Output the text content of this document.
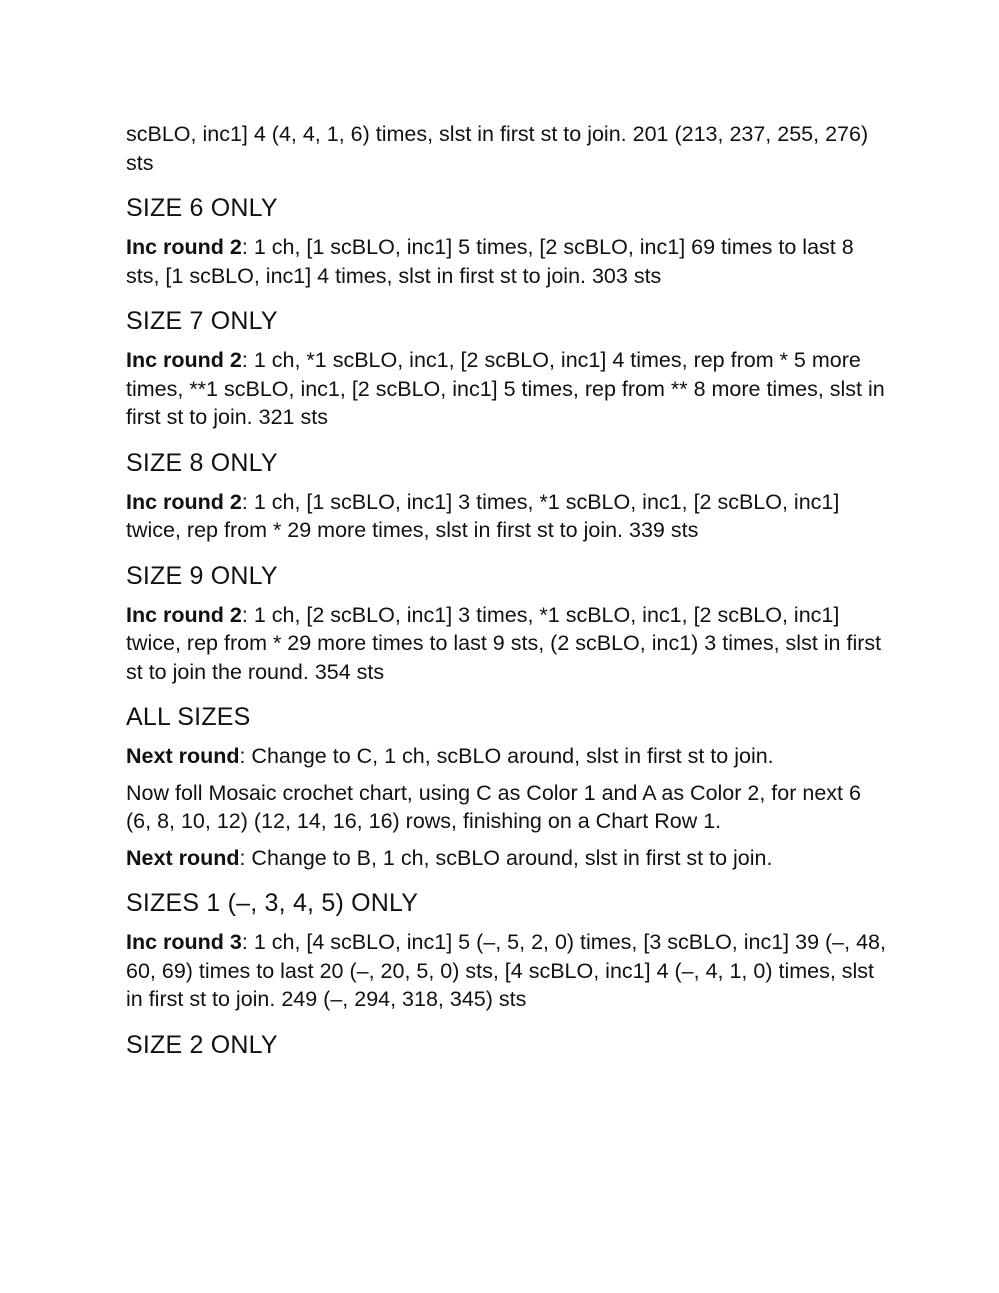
scBLO, inc1] 4 (4, 4, 1, 6) times, slst in first st to join. 201 (213, 237, 255, 276) sts

SIZE 6 ONLY

Inc round 2: 1 ch, [1 scBLO, inc1] 5 times, [2 scBLO, inc1] 69 times to last 8 sts, [1 scBLO, inc1] 4 times, slst in first st to join. 303 sts

SIZE 7 ONLY

Inc round 2: 1 ch, *1 scBLO, inc1, [2 scBLO, inc1] 4 times, rep from * 5 more times, **1 scBLO, inc1, [2 scBLO, inc1] 5 times, rep from ** 8 more times, slst in first st to join. 321 sts

SIZE 8 ONLY

Inc round 2: 1 ch, [1 scBLO, inc1] 3 times, *1 scBLO, inc1, [2 scBLO, inc1] twice, rep from * 29 more times, slst in first st to join. 339 sts

SIZE 9 ONLY

Inc round 2: 1 ch, [2 scBLO, inc1] 3 times, *1 scBLO, inc1, [2 scBLO, inc1] twice, rep from * 29 more times to last 9 sts, (2 scBLO, inc1) 3 times, slst in first st to join the round. 354 sts

ALL SIZES

Next round: Change to C, 1 ch, scBLO around, slst in first st to join.

Now foll Mosaic crochet chart, using C as Color 1 and A as Color 2, for next 6 (6, 8, 10, 12) (12, 14, 16, 16) rows, finishing on a Chart Row 1.

Next round: Change to B, 1 ch, scBLO around, slst in first st to join.

SIZES 1 (–, 3, 4, 5) ONLY

Inc round 3: 1 ch, [4 scBLO, inc1] 5 (–, 5, 2, 0) times, [3 scBLO, inc1] 39 (–, 48, 60, 69) times to last 20 (–, 20, 5, 0) sts, [4 scBLO, inc1] 4 (–, 4, 1, 0) times, slst in first st to join. 249 (–, 294, 318, 345) sts

SIZE 2 ONLY
